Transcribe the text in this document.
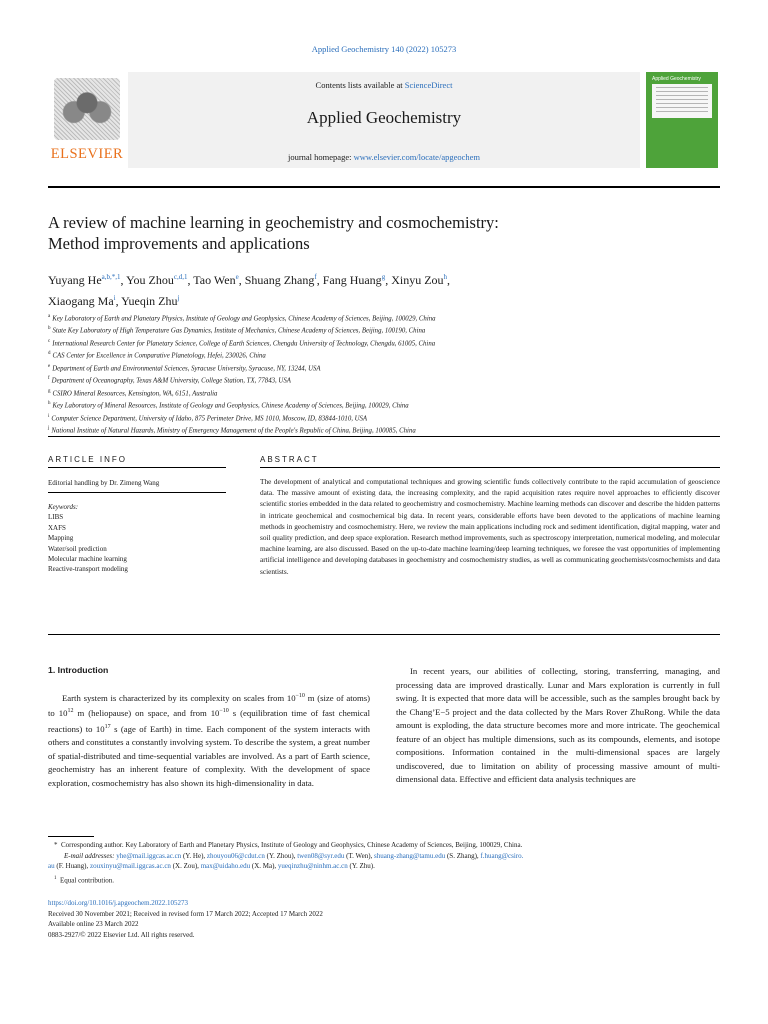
Applied Geochemistry 140 (2022) 105273
ELSEVIER
Contents lists available at ScienceDirect
Applied Geochemistry
journal homepage: www.elsevier.com/locate/apgeochem
Applied Geochemistry
A review of machine learning in geochemistry and cosmochemistry:
Method improvements and applications
Yuyang $He^{a,b,*,1}$, You Zhou$^{c,d,1}$, Tao Wen$^e$, Shuang Zhang$^f$, Fang Huang$^g$, Xinyu Zou$^h$,
Xiaogang Ma$^i$, Yueqin Zhu$^j$
$^a$ Key Laboratory of Earth and Planetary Physics, Institute of Geology and Geophysics, Chinese Academy of Sciences, Beijing, 100029, China
$^b$ State Key Laboratory of High Temperature Gas Dynamics, Institute of Mechanics, Chinese Academy of Sciences, Beijing, 100190, China
$^c$ International Research Center for Planetary Science, College of Earth Sciences, Chengdu University of Technology, Chengdu, 61005, China
$^d$ CAS Center for Excellence in Comparative Planetology, Hefei, 230026, China
$^e$ Department of Earth and Environmental Sciences, Syracuse University, Syracuse, NY, 13244, USA
$^f$ Department of Oceanography, Texas A&M University, College Station, TX, 77843, USA
$^g$ CSIRO Mineral Resources, Kensington, WA, 6151, Australia
$^h$ Key Laboratory of Mineral Resources, Institute of Geology and Geophysics, Chinese Academy of Sciences, Beijing, 100029, China
$^i$ Computer Science Department, University of Idaho, 875 Perimeter Drive, MS 1010, Moscow, ID, 83844-1010, USA
$^j$ National Institute of Natural Hazards, Ministry of Emergency Management of the People's Republic of China, Beijing, 100085, China
ARTICLE INFO
Editorial handling by Dr. Zimeng Wang
Keywords:
LIBS
XAFS
Mapping
Water/soil prediction
Molecular machine learning
Reactive-transport modeling
ABSTRACT
The development of analytical and computational techniques and growing scientific funds collectively contribute to the rapid accumulation of geoscience data. The massive amount of existing data, the increasing complexity, and the rapid acquisition rates require novel approaches to efficiently discover scientific stories embedded in the data related to geochemistry and cosmochemistry. Machine learning methods can discover and describe the hidden patterns in intricate geochemical and cosmochemical big data. In recent years, considerable efforts have been devoted to the applications of machine learning methods in geochemistry and cosmochemistry. Here, we review the main applications including rock and sediment identification, digital mapping, water and soil quality prediction, and deep space exploration. Research method improvements, such as spectroscopy interpretation, numerical modeling, and molecular machine learning, are also discussed. Based on the up-to-date machine learning/deep learning techniques, we foresee the vast opportunities of implementing artificial intelligence and developing databases in geochemistry and cosmochemistry studies, as well as communicating geochemists/cosmochemists and data scientists.
1. Introduction

Earth system is characterized by its complexity on scales from $10^{-10}$ m (size of atoms) to $10^{12}$ m (heliopause) on space, and from $10^{-10}$ s (equilibration time of fast chemical reactions) to $10^{17}$ s (age of Earth) in time. Each component of the system interacts with others and constitutes a constantly involving system. To describe the system, a great number of spatial-distributed and time-sequential variables are involved. As a part of Earth science, geochemistry has an inherent feature of complexity. With the development of space exploration, cosmochemistry has also shown its high-dimensionality in data.

In recent years, our abilities of collecting, storing, transferring, managing, and processing data are improved drastically. Lunar and Mars exploration is currently in full swing. It is expected that more data will be accessible, such as the samples brought back by the Chang’E−5 project and the data collected by the Mars Rover ZhuRong. While the data amount is exploding, the data structure becomes more and more intricate. The geochemical feature of an object has multiple dimensions, such as its compounds, elements, and isotope compositions. Information contained in the multi-dimensional spaces are largely undiscovered, due to limitation on ability of processing massive amount of multi-dimensional data. Effective and efficient data analysis techniques are

* Corresponding author. Key Laboratory of Earth and Planetary Physics, Institute of Geology and Geophysics, Chinese Academy of Sciences, Beijing, 100029, China.
E-mail addresses: yhe@mail.iggcas.ac.cn (Y. He), zhouyou06@cdut.cn (Y. Zhou), twen08@syr.edu (T. Wen), shuang-zhang@tamu.edu (S. Zhang), f.huang@csiro.
au (F. Huang), zouxinyu@mail.iggcas.ac.cn (X. Zou), max@uidaho.edu (X. Ma), yueqinzhu@ninhm.ac.cn (Y. Zhu).
$^1$ Equal contribution.
https://doi.org/10.1016/j.apgeochem.2022.105273
Received 30 November 2021; Received in revised form 17 March 2022; Accepted 17 March 2022
Available online 23 March 2022
0883-2927/© 2022 Elsevier Ltd. All rights reserved.
